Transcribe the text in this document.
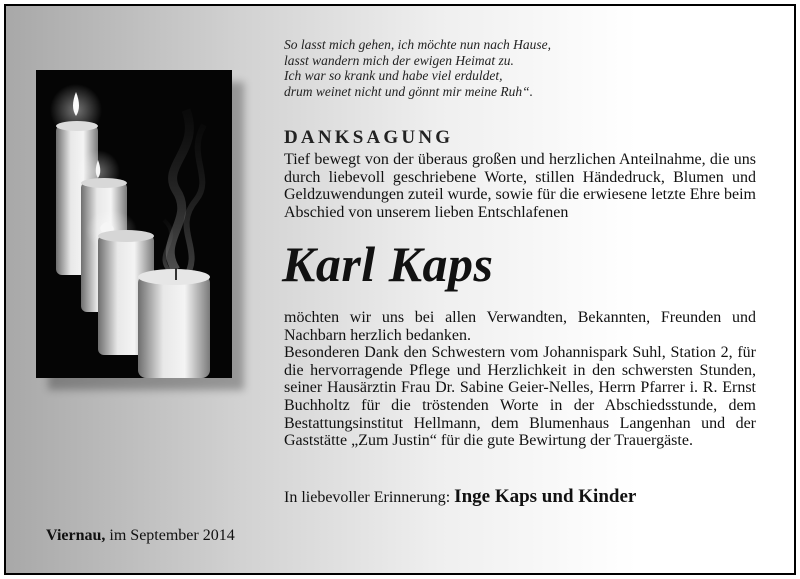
So lasst mich gehen, ich möchte nun nach Hause,
lasst wandern mich der ewigen Heimat zu.
Ich war so krank und habe viel erduldet,
drum weinet nicht und gönnt mir meine Ruh“.
DANKSAGUNG
Tief bewegt von der überaus großen und herzlichen Anteilnahme, die uns durch liebevoll geschriebene Worte, stillen Händedruck, Blumen und Geldzuwendungen zuteil wurde, sowie für die erwiesene letzte Ehre beim Abschied von unserem lieben Entschlafenen
Karl Kaps
möchten wir uns bei allen Verwandten, Bekannten, Freunden und Nachbarn herzlich bedanken.
Besonderen Dank den Schwestern vom Johannispark Suhl, Station 2, für die hervorragende Pflege und Herzlichkeit in den schwersten Stunden, seiner Hausärztin Frau Dr. Sabine Geier-Nelles, Herrn Pfarrer i. R. Ernst Buchholtz für die tröstenden Worte in der Abschiedsstunde, dem Bestattungsinstitut Hellmann, dem Blumenhaus Langenhan und der Gaststätte „Zum Justin“ für die gute Bewirtung der Trauergäste.
In liebevoller Erinnerung: Inge Kaps und Kinder
Viernau, im September 2014
